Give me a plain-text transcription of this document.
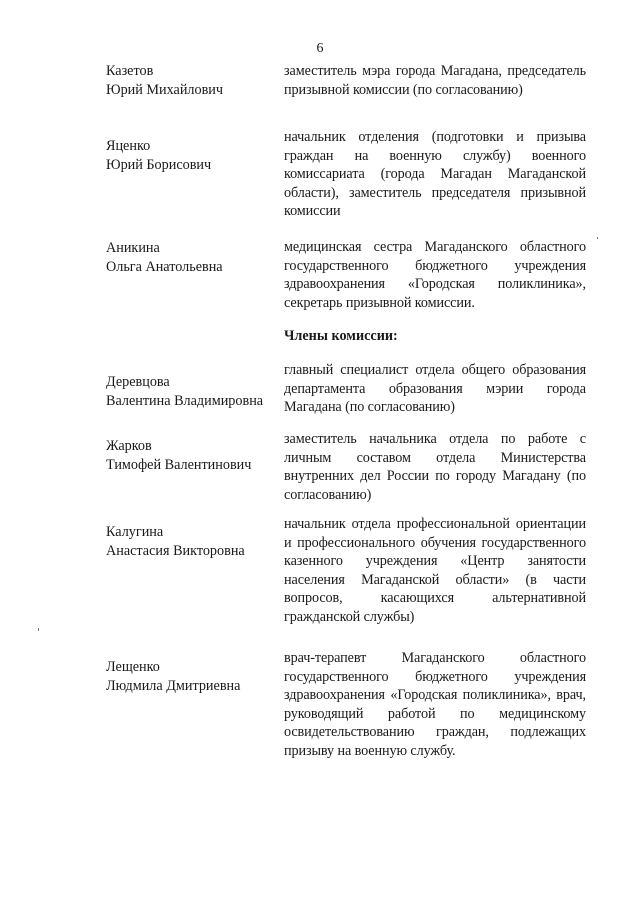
6
Казетов
Юрий Михайлович
заместитель мэра города Магадана, председатель призывной комиссии (по согласованию)
Яценко
Юрий Борисович
начальник отделения (подготовки и призыва граждан на военную службу) военного комиссариата (города Магадан Магаданской области), заместитель председателя призывной комиссии
Аникина
Ольга Анатольевна
медицинская сестра Магаданского областного государственного бюджетного учреждения здравоохранения «Городская поликлиника», секретарь призывной комиссии.
Члены комиссии:
Деревцова
Валентина Владимировна
главный специалист отдела общего образования департамента образования мэрии города Магадана (по согласованию)
Жарков
Тимофей Валентинович
заместитель начальника отдела по работе с личным составом отдела Министерства внутренних дел России по городу Магадану (по согласованию)
Калугина
Анастасия Викторовна
начальник отдела профессиональной ориентации и профессионального обучения государственного казенного учреждения «Центр занятости населения Магаданской области» (в части вопросов, касающихся альтернативной гражданской службы)
Лещенко
Людмила Дмитриевна
врач-терапевт Магаданского областного государственного бюджетного учреждения здравоохранения «Городская поликлиника», врач, руководящий работой по медицинскому освидетельствованию граждан, подлежащих призыву на военную службу.
